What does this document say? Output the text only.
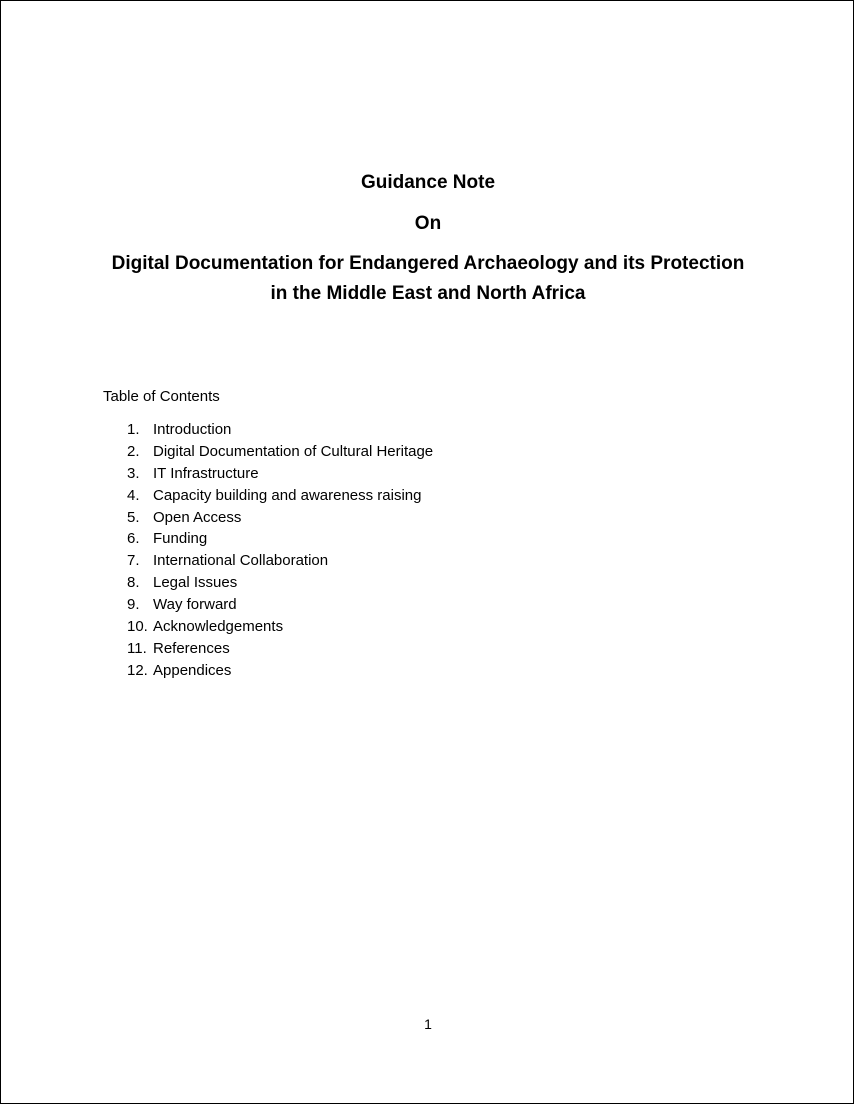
Guidance Note
On
Digital Documentation for Endangered Archaeology and its Protection
in the Middle East and North Africa
Table of Contents
1. Introduction
2. Digital Documentation of Cultural Heritage
3. IT Infrastructure
4. Capacity building and awareness raising
5. Open Access
6. Funding
7. International Collaboration
8. Legal Issues
9. Way forward
10. Acknowledgements
11. References
12. Appendices
1
